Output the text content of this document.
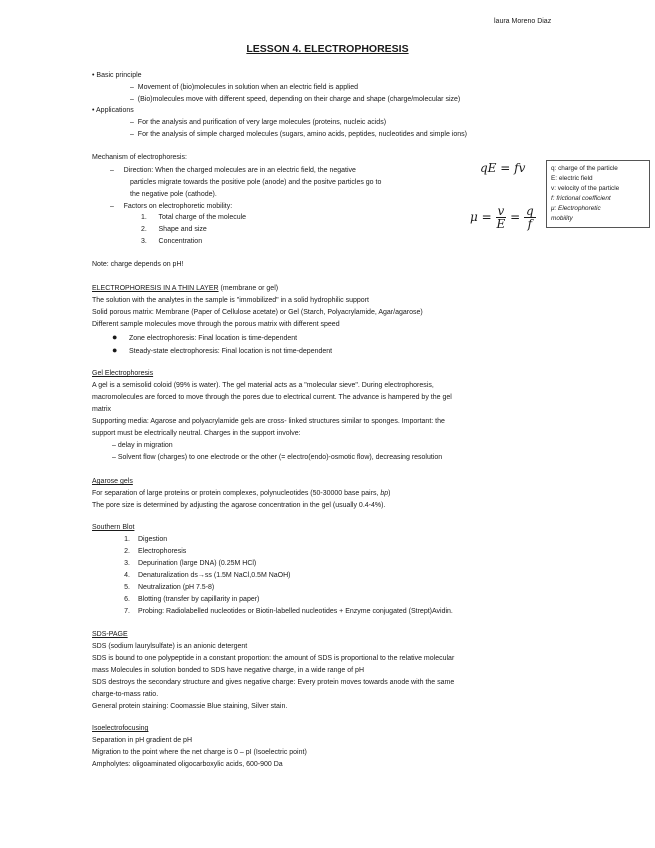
laura Moreno Diaz
LESSON 4. ELECTROPHORESIS
• Basic principle
–  Movement of (bio)molecules in solution when an electric field is applied
–  (Bio)molecules move with different speed, depending on their charge and shape (charge/molecular size)
• Applications
–  For the analysis and purification of very large molecules (proteins, nucleic acids)
–  For the analysis of simple charged molecules (sugars, amino acids, peptides, nucleotides and simple ions)
Mechanism of electrophoresis:
–     Direction: When the charged molecules are in an electric field, the negative
particles migrate towards the positive pole (anode) and the positve particles go to
the negative pole (cathode).
–     Factors on electrophoretic mobility:
1.      Total charge of the molecule
2.      Shape and size
3.      Concentration
Note: charge depends on pH!
qE = fv
$\mu = \frac{v}{E} = \frac{q}{f}$
q: charge of the particle
E: electric field
v: velocity of the particle
f: frictional coefficient
μ: Electrophoretic
mobility
ELECTROPHORESIS IN A THIN LAYER (membrane or gel)
The solution with the analytes in the sample is "immobilized" in a solid hydrophilic support
Solid porous matrix: Membrane (Paper of Cellulose acetate) or Gel (Starch, Polyacrylamide, Agar/agarose)
Different sample molecules move through the porous matrix with different speed
● Zone electrophoresis: Final location is time-dependent
● Steady-state electrophoresis: Final location is not time-dependent
Gel Electrophoresis
A gel is a semisolid coloid (99% is water). The gel material acts as a "molecular sieve". During electrophoresis,
macromolecules are forced to move through the pores due to electrical current. The advance is hampered by the gel
matrix
Supporting media: Agarose and polyacrylamide gels are cross- linked structures similar to sponges. Important: the
support must be electrically neutral. Charges in the support involve:
– delay in migration
– Solvent flow (charges) to one electrode or the other (= electro(endo)-osmotic flow), decreasing resolution
Agarose gels
For separation of large proteins or protein complexes, polynucleotides (50-30000 base pairs, bp)
The pore size is determined by adjusting the agarose concentration in the gel (usually 0.4-4%).
Southern Blot
1. Digestion
2. Electrophoresis
3. Depurination (large DNA) (0.25M HCl)
4. Denaturalization ds→ss (1.5M NaCl,0.5M NaOH)
5. Neutralization (pH 7.5-8)
6. Blotting (transfer by capillarity in paper)
7. Probing: Radiolabelled nucleotides or Biotin-labelled nucleotides + Enzyme conjugated (Strept)Avidin.
SDS-PAGE
SDS (sodium laurylsulfate) is an anionic detergent
SDS is bound to one polypeptide in a constant proportion: the amount of SDS is proportional to the relative molecular
mass Molecules in solution bonded to SDS have negative charge, in a wide range of pH
SDS destroys the secondary structure and gives negative charge: Every protein moves towards anode with the same
charge-to-mass ratio.
General protein staining: Coomassie Blue staining, Silver stain.
Isoelectrofocusing
Separation in pH gradient de pH
Migration to the point where the net charge is 0 – pI (Isoelectric point)
Ampholytes: oligoaminated oligocarboxylic acids, 600-900 Da
